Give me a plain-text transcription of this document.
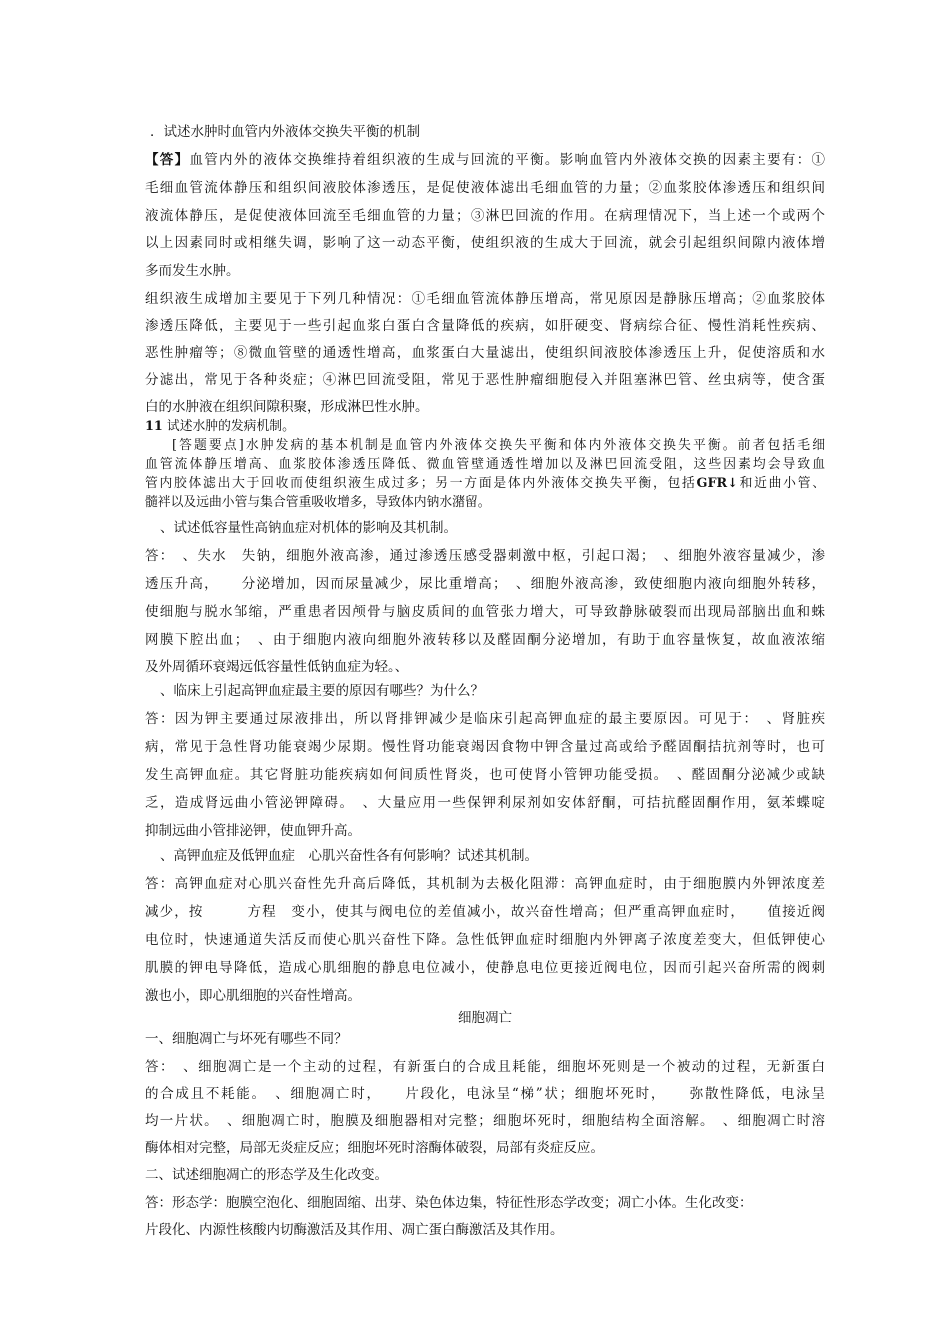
．试述水肿时血管内外液体交换失平衡的机制
【答】血管内外的液体交换维持着组织液的生成与回流的平衡。影响血管内外液体交换的因素主要有：①
毛细血管流体静压和组织间液胶体渗透压，是促使液体滤出毛细血管的力量；②血浆胶体渗透压和组织间
液流体静压，是促使液体回流至毛细血管的力量；③淋巴回流的作用。在病理情况下，当上述一个或两个
以上因素同时或相继失调，影响了这一动态平衡，使组织液的生成大于回流，就会引起组织间隙内液体增
多而发生水肿。
组织液生成增加主要见于下列几种情况：①毛细血管流体静压增高，常见原因是静脉压增高；②血浆胶体
渗透压降低，主要见于一些引起血浆白蛋白含量降低的疾病，如肝硬变、肾病综合征、慢性消耗性疾病、
恶性肿瘤等；⑧微血管壁的通透性增高，血浆蛋白大量滤出，使组织间液胶体渗透压上升，促使溶质和水
分滤出，常见于各种炎症；④淋巴回流受阻，常见于恶性肿瘤细胞侵入并阻塞淋巴管、丝虫病等，使含蛋
白的水肿液在组织间隙积聚，形成淋巴性水肿。
11 试述水肿的发病机制。
[答题要点]水肿发病的基本机制是血管内外液体交换失平衡和体内外液体交换失平衡。前者包括毛细
血管流体静压增高、血浆胶体渗透压降低、微血管壁通透性增加以及淋巴回流受阻，这些因素均会导致血
管内胶体滤出大于回收而使组织液生成过多；另一方面是体内外液体交换失平衡，包括GFR↓和近曲小管、
髓袢以及远曲小管与集合管重吸收增多，导致体内钠水潴留。
、试述低容量性高钠血症对机体的影响及其机制。
答：　、失水　失钠，细胞外液高渗，通过渗透压感受器刺激中枢，引起口渴；　、细胞外液容量减少，渗
透压升高，　　分泌增加，因而尿量减少，尿比重增高；　、细胞外液高渗，致使细胞内液向细胞外转移，
使细胞与脱水邹缩，严重患者因颅骨与脑皮质间的血管张力增大，可导致静脉破裂而出现局部脑出血和蛛
网膜下腔出血；　、由于细胞内液向细胞外液转移以及醛固酮分泌增加，有助于血容量恢复，故血液浓缩
及外周循环衰竭远低容量性低钠血症为轻。、
、临床上引起高钾血症最主要的原因有哪些？为什么？
答：因为钾主要通过尿液排出，所以肾排钾减少是临床引起高钾血症的最主要原因。可见于：　、肾脏疾
病，常见于急性肾功能衰竭少尿期。慢性肾功能衰竭因食物中钾含量过高或给予醛固酮拮抗剂等时，也可
发生高钾血症。其它肾脏功能疾病如何间质性肾炎，也可使肾小管钾功能受损。　、醛固酮分泌减少或缺
乏，造成肾远曲小管泌钾障碍。　、大量应用一些保钾利尿剂如安体舒酮，可拮抗醛固酮作用，氨苯蝶啶
抑制远曲小管排泌钾，使血钾升高。
、高钾血症及低钾血症　心肌兴奋性各有何影响？试述其机制。
答：高钾血症对心肌兴奋性先升高后降低，其机制为去极化阻滞：高钾血症时，由于细胞膜内外钾浓度差
减少，按　　　方程　变小，使其与阀电位的差值减小，故兴奋性增高；但严重高钾血症时，　　值接近阀
电位时，快速通道失活反而使心肌兴奋性下降。急性低钾血症时细胞内外钾离子浓度差变大，但低钾使心
肌膜的钾电导降低，造成心肌细胞的静息电位减小，使静息电位更接近阀电位，因而引起兴奋所需的阀刺
激也小，即心肌细胞的兴奋性增高。
细胞凋亡
一、细胞凋亡与坏死有哪些不同？
答：　、细胞凋亡是一个主动的过程，有新蛋白的合成且耗能，细胞坏死则是一个被动的过程，无新蛋白
的合成且不耗能。　、细胞凋亡时，　　片段化，电泳呈“梯”状；细胞坏死时，　　弥散性降低，电泳呈
均一片状。　、细胞凋亡时，胞膜及细胞器相对完整；细胞坏死时，细胞结构全面溶解。　、细胞凋亡时溶
酶体相对完整，局部无炎症反应；细胞坏死时溶酶体破裂，局部有炎症反应。
二、试述细胞凋亡的形态学及生化改变。
答：形态学：胞膜空泡化、细胞固缩、出芽、染色体边集，特征性形态学改变；凋亡小体。生化改变：
片段化、内源性核酸内切酶激活及其作用、凋亡蛋白酶激活及其作用。
